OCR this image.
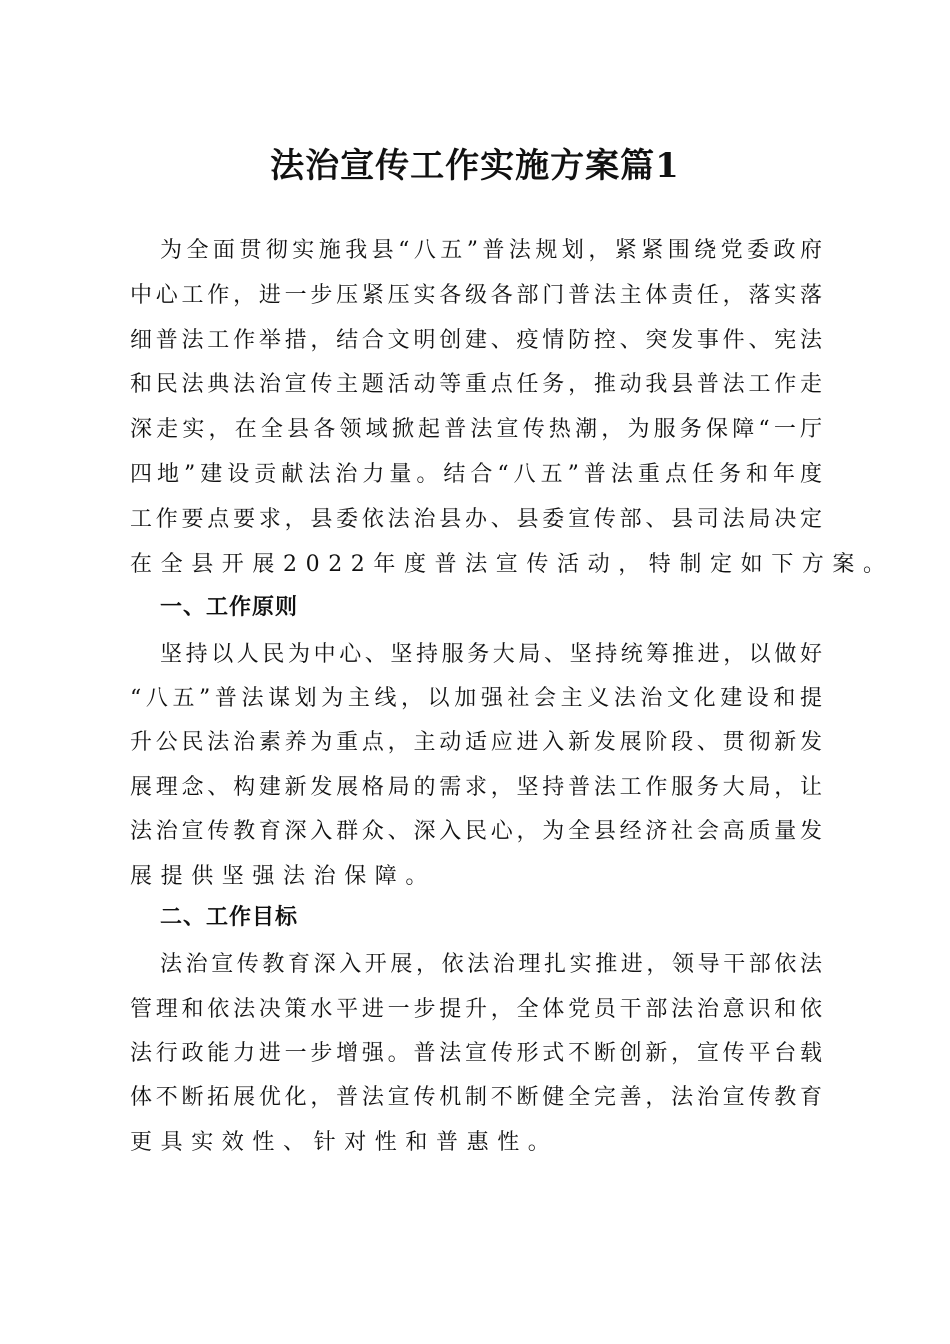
法治宣传工作实施方案篇1
为全面贯彻实施我县“八五”普法规划，紧紧围绕党委政府
中心工作，进一步压紧压实各级各部门普法主体责任，落实落
细普法工作举措，结合文明创建、疫情防控、突发事件、宪法
和民法典法治宣传主题活动等重点任务，推动我县普法工作走
深走实，在全县各领域掀起普法宣传热潮，为服务保障“一厅
四地”建设贡献法治力量。结合“八五”普法重点任务和年度
工作要点要求，县委依法治县办、县委宣传部、县司法局决定
在全县开展2022年度普法宣传活动，特制定如下方案。
一、工作原则
坚持以人民为中心、坚持服务大局、坚持统筹推进，以做好
“八五”普法谋划为主线，以加强社会主义法治文化建设和提
升公民法治素养为重点，主动适应进入新发展阶段、贯彻新发
展理念、构建新发展格局的需求，坚持普法工作服务大局，让
法治宣传教育深入群众、深入民心，为全县经济社会高质量发
展提供坚强法治保障。
二、工作目标
法治宣传教育深入开展，依法治理扎实推进，领导干部依法
管理和依法决策水平进一步提升，全体党员干部法治意识和依
法行政能力进一步增强。普法宣传形式不断创新，宣传平台载
体不断拓展优化，普法宣传机制不断健全完善，法治宣传教育
更具实效性、针对性和普惠性。
